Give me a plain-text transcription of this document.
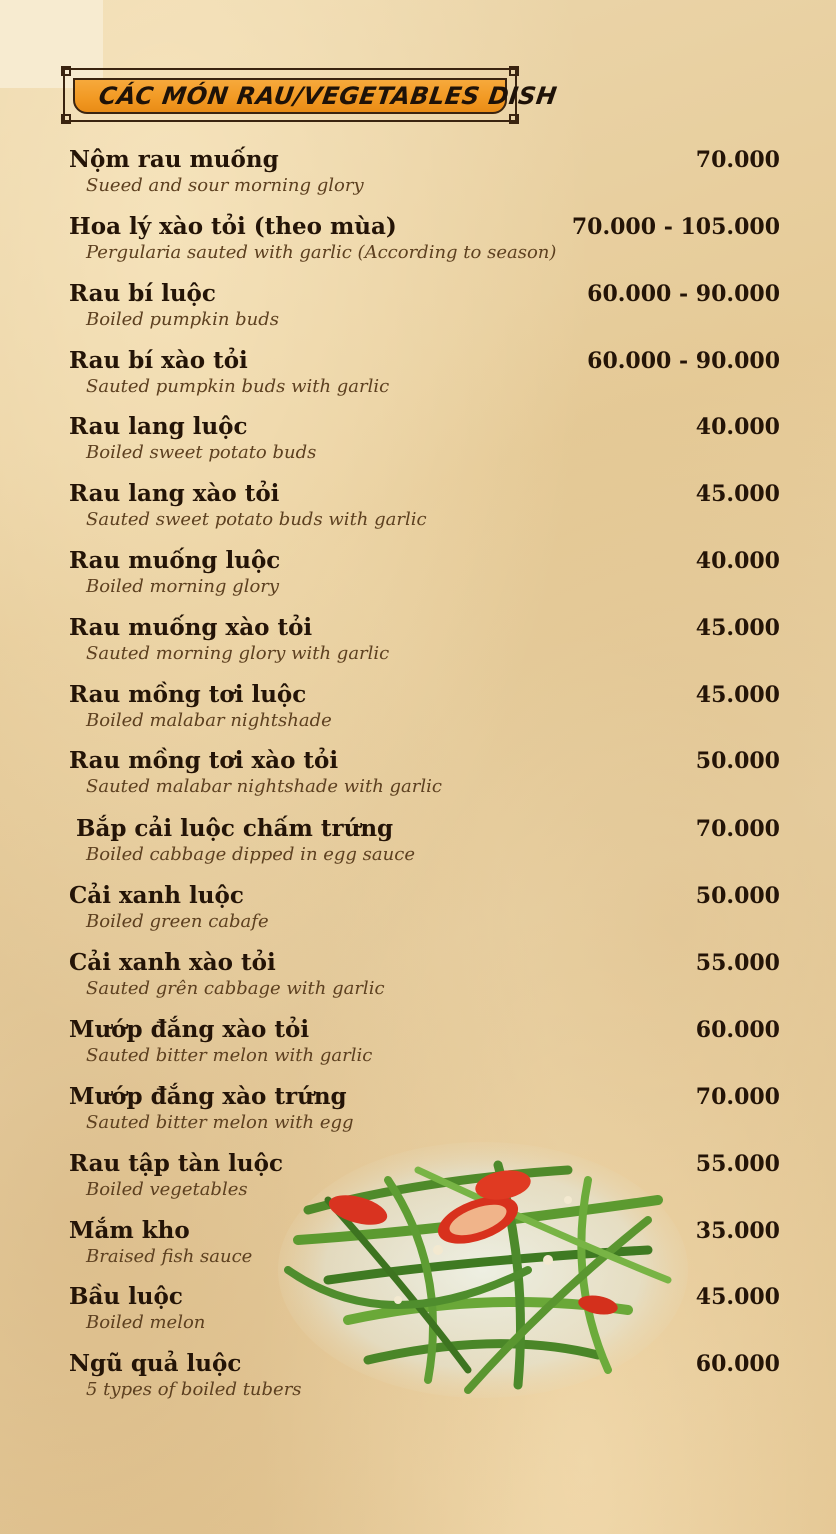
CÁC MÓN RAU/VEGETABLES DISH
Nộm rau muống	70.000
Sueed and sour morning glory
Hoa lý xào tỏi (theo mùa)	70.000 - 105.000
Pergularia sauted with garlic (According to season)
Rau bí luộc	60.000 - 90.000
Boiled pumpkin buds
Rau bí xào tỏi	60.000 - 90.000
Sauted pumpkin buds with garlic
Rau lang luộc	40.000
Boiled sweet potato buds
Rau lang xào tỏi	45.000
Sauted sweet potato buds with garlic
Rau muống luộc	40.000
Boiled morning glory
Rau muống xào tỏi	45.000
Sauted morning glory with garlic
Rau mồng tơi luộc	45.000
Boiled malabar nightshade
Rau mồng tơi xào tỏi	50.000
Sauted malabar nightshade with garlic
Bắp cải luộc chấm trứng	70.000
Boiled cabbage dipped in egg sauce
Cải xanh luộc	50.000
Boiled green cabafe
Cải xanh xào tỏi	55.000
Sauted grên cabbage with garlic
Mướp đắng xào tỏi	60.000
Sauted bitter melon with garlic
Mướp đắng xào trứng	70.000
Sauted bitter melon with egg
Rau tập tàn luộc	55.000
Boiled vegetables
Mắm kho	35.000
Braised fish sauce
Bầu luộc	45.000
Boiled melon
Ngũ quả luộc	60.000
5 types of boiled tubers
